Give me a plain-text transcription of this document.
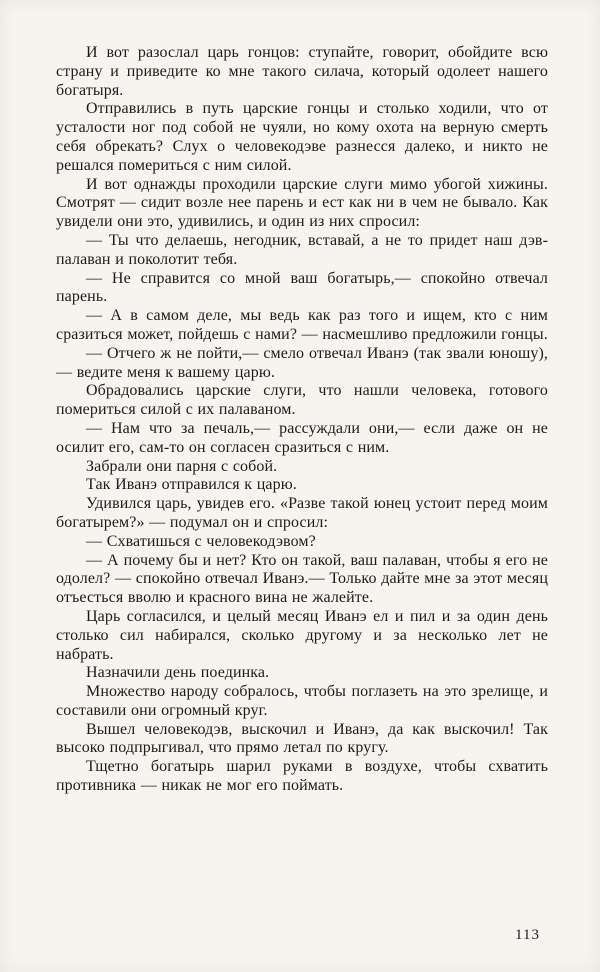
И вот разослал царь гонцов: ступайте, говорит, обойдите всю страну и приведите ко мне такого силача, который одолеет нашего богатыря.

Отправились в путь царские гонцы и столько ходили, что от усталости ног под собой не чуяли, но кому охота на верную смерть себя обрекать? Слух о человекодэве разнесся далеко, и никто не решался помериться с ним силой.

И вот однажды проходили царские слуги мимо убогой хижины. Смотрят — сидит возле нее парень и ест как ни в чем не бывало. Как увидели они это, удивились, и один из них спросил:

— Ты что делаешь, негодник, вставай, а не то придет наш дэв-палаван и поколотит тебя.

— Не справится со мной ваш богатырь,— спокойно отвечал парень.

— А в самом деле, мы ведь как раз того и ищем, кто с ним сразиться может, пойдешь с нами? — насмешливо предложили гонцы.

— Отчего ж не пойти,— смело отвечал Иванэ (так звали юношу),— ведите меня к вашему царю.

Обрадовались царские слуги, что нашли человека, готового помериться силой с их палаваном.

— Нам что за печаль,— рассуждали они,— если даже он не осилит его, сам-то он согласен сразиться с ним.

Забрали они парня с собой.

Так Иванэ отправился к царю.

Удивился царь, увидев его. «Разве такой юнец устоит перед моим богатырем?» — подумал он и спросил:

— Схватишься с человекодэвом?

— А почему бы и нет? Кто он такой, ваш палаван, чтобы я его не одолел? — спокойно отвечал Иванэ.— Только дайте мне за этот месяц отъесться вволю и красного вина не жалейте.

Царь согласился, и целый месяц Иванэ ел и пил и за один день столько сил набирался, сколько другому и за несколько лет не набрать.

Назначили день поединка.

Множество народу собралось, чтобы поглазеть на это зрелище, и составили они огромный круг.

Вышел человекодэв, выскочил и Иванэ, да как выскочил! Так высоко подпрыгивал, что прямо летал по кругу.

Тщетно богатырь шарил руками в воздухе, чтобы схватить противника — никак не мог его поймать.

113
